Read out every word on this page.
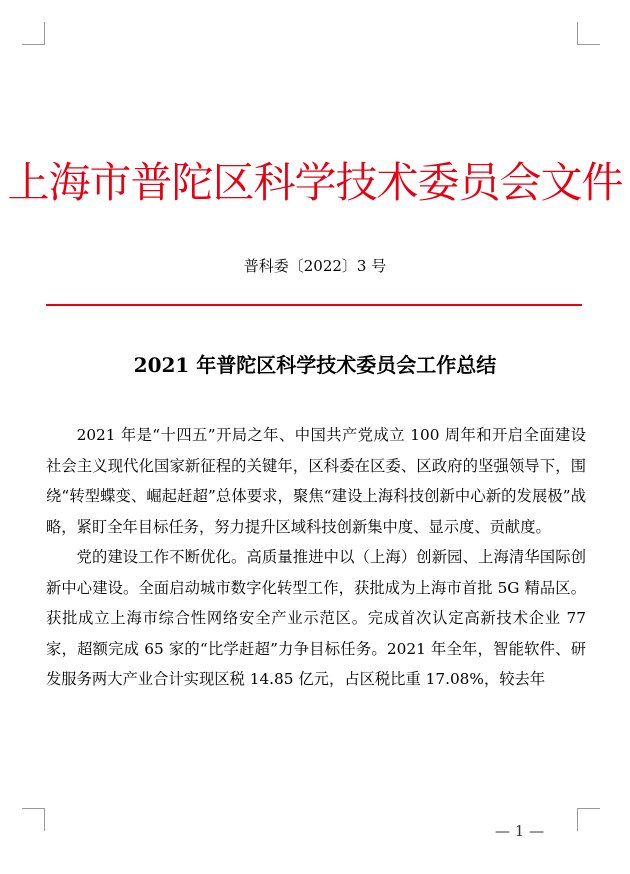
上海市普陀区科学技术委员会文件
普科委〔2022〕3 号
2021 年普陀区科学技术委员会工作总结

2021 年是“十四五”开局之年、中国共产党成立 100 周年和开启全面建设社会主义现代化国家新征程的关键年，区科委在区委、区政府的坚强领导下，围绕“转型蝶变、崛起赶超”总体要求，聚焦“建设上海科技创新中心新的发展极”战略，紧盯全年目标任务，努力提升区域科技创新集中度、显示度、贡献度。

党的建设工作不断优化。高质量推进中以（上海）创新园、上海清华国际创新中心建设。全面启动城市数字化转型工作，获批成为上海市首批 5G 精品区。获批成立上海市综合性网络安全产业示范区。完成首次认定高新技术企业 77 家，超额完成 65 家的“比学赶超”力争目标任务。2021 年全年，智能软件、研发服务两大产业合计实现区税 14.85 亿元，占区税比重 17.08%，较去年

— 1 —
